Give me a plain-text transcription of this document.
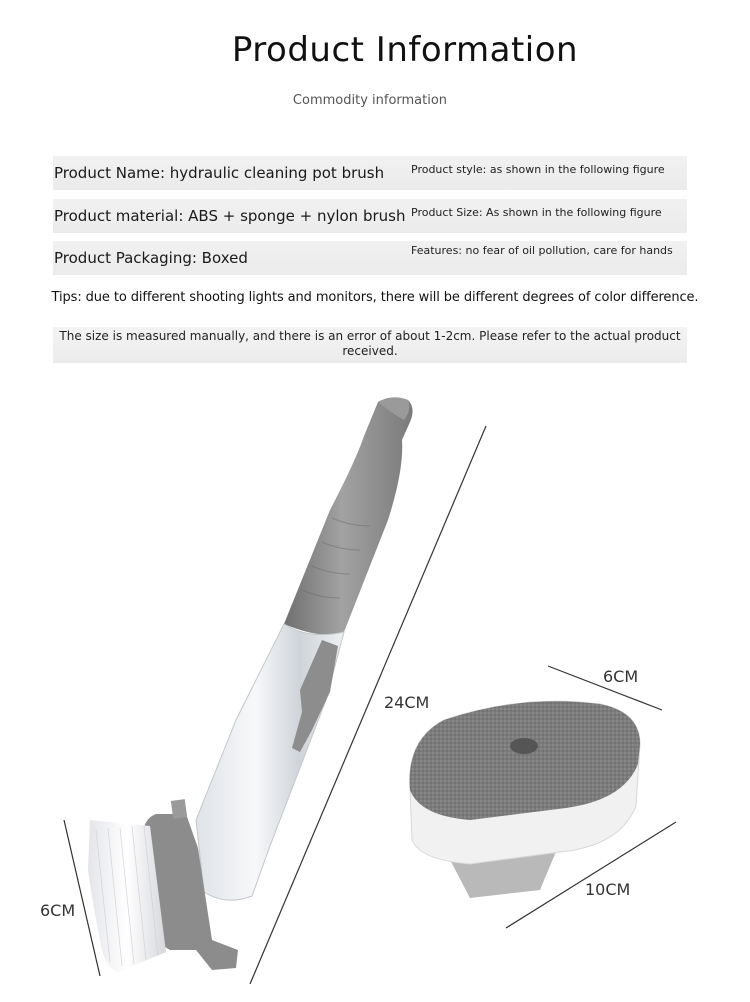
Product Information
Commodity information
Product Name: hydraulic cleaning pot brush Product style: as shown in the following figure
Product material: ABS + sponge + nylon brush Product Size: As shown in the following figure
Product Packaging: Boxed	Features: no fear of oil pollution, care for hands
Tips: due to different shooting lights and monitors, there will be different degrees of color difference.
The size is measured manually, and there is an error of about 1-2cm. Please refer to the actual product received.
24CM
6CM
6CM
10CM
